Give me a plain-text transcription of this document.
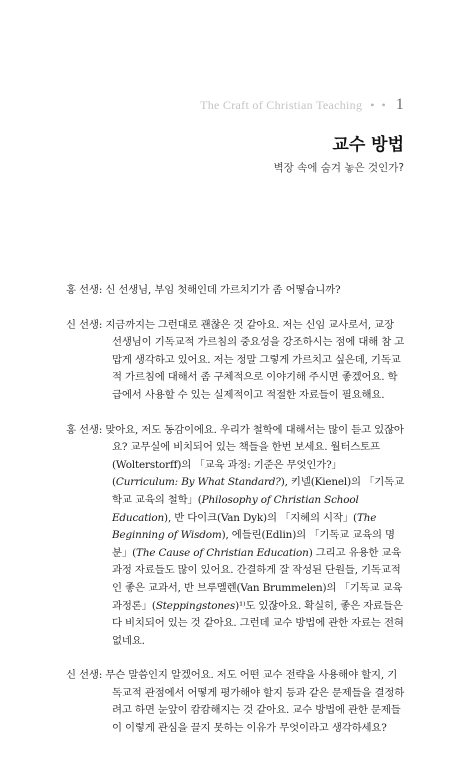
The Craft of Christian Teaching • • 1
교수 방법
벽장 속에 숨겨 놓은 것인가?

홍 선생: 신 선생님, 부임 첫해인데 가르치기가 좀 어떻습니까?

신 선생: 지금까지는 그런대로 괜찮은 것 같아요. 저는 신임 교사로서, 교장 선생님이 기독교적 가르침의 중요성을 강조하시는 점에 대해 참 고맙게 생각하고 있어요. 저는 정말 그렇게 가르치고 싶은데, 기독교적 가르침에 대해서 좀 구체적으로 이야기해 주시면 좋겠어요. 학급에서 사용할 수 있는 실제적이고 적절한 자료들이 필요해요.

홍 선생: 맞아요, 저도 동감이에요. 우리가 철학에 대해서는 많이 듣고 있잖아요? 교무실에 비치되어 있는 책들을 한번 보세요. 월터스토프(Wolterstorff)의 「교육 과정: 기준은 무엇인가?」(Curriculum: By What Standard?), 키넬(Kienel)의 「기독교 학교 교육의 철학」(Philosophy of Christian School Education), 반 다이크(Van Dyk)의 「지혜의 시작」(The Beginning of Wisdom), 에들린(Edlin)의 「기독교 교육의 명분」(The Cause of Christian Education) 그리고 유용한 교육 과정 자료들도 많이 있어요. 간결하게 잘 작성된 단원들, 기독교적인 좋은 교과서, 반 브루멜렌(Van Brummelen)의 「기독교 교육 과정론」(Steppingstones)¹⁾도 있잖아요. 확실히, 좋은 자료들은 다 비치되어 있는 것 같아요. 그런데 교수 방법에 관한 자료는 전혀 없네요.

신 선생: 무슨 말씀인지 알겠어요. 저도 어떤 교수 전략을 사용해야 할지, 기독교적 관점에서 어떻게 평가해야 할지 등과 같은 문제들을 결정하려고 하면 눈앞이 캄캄해지는 것 같아요. 교수 방법에 관한 문제들이 이렇게 관심을 끌지 못하는 이유가 무엇이라고 생각하세요?
